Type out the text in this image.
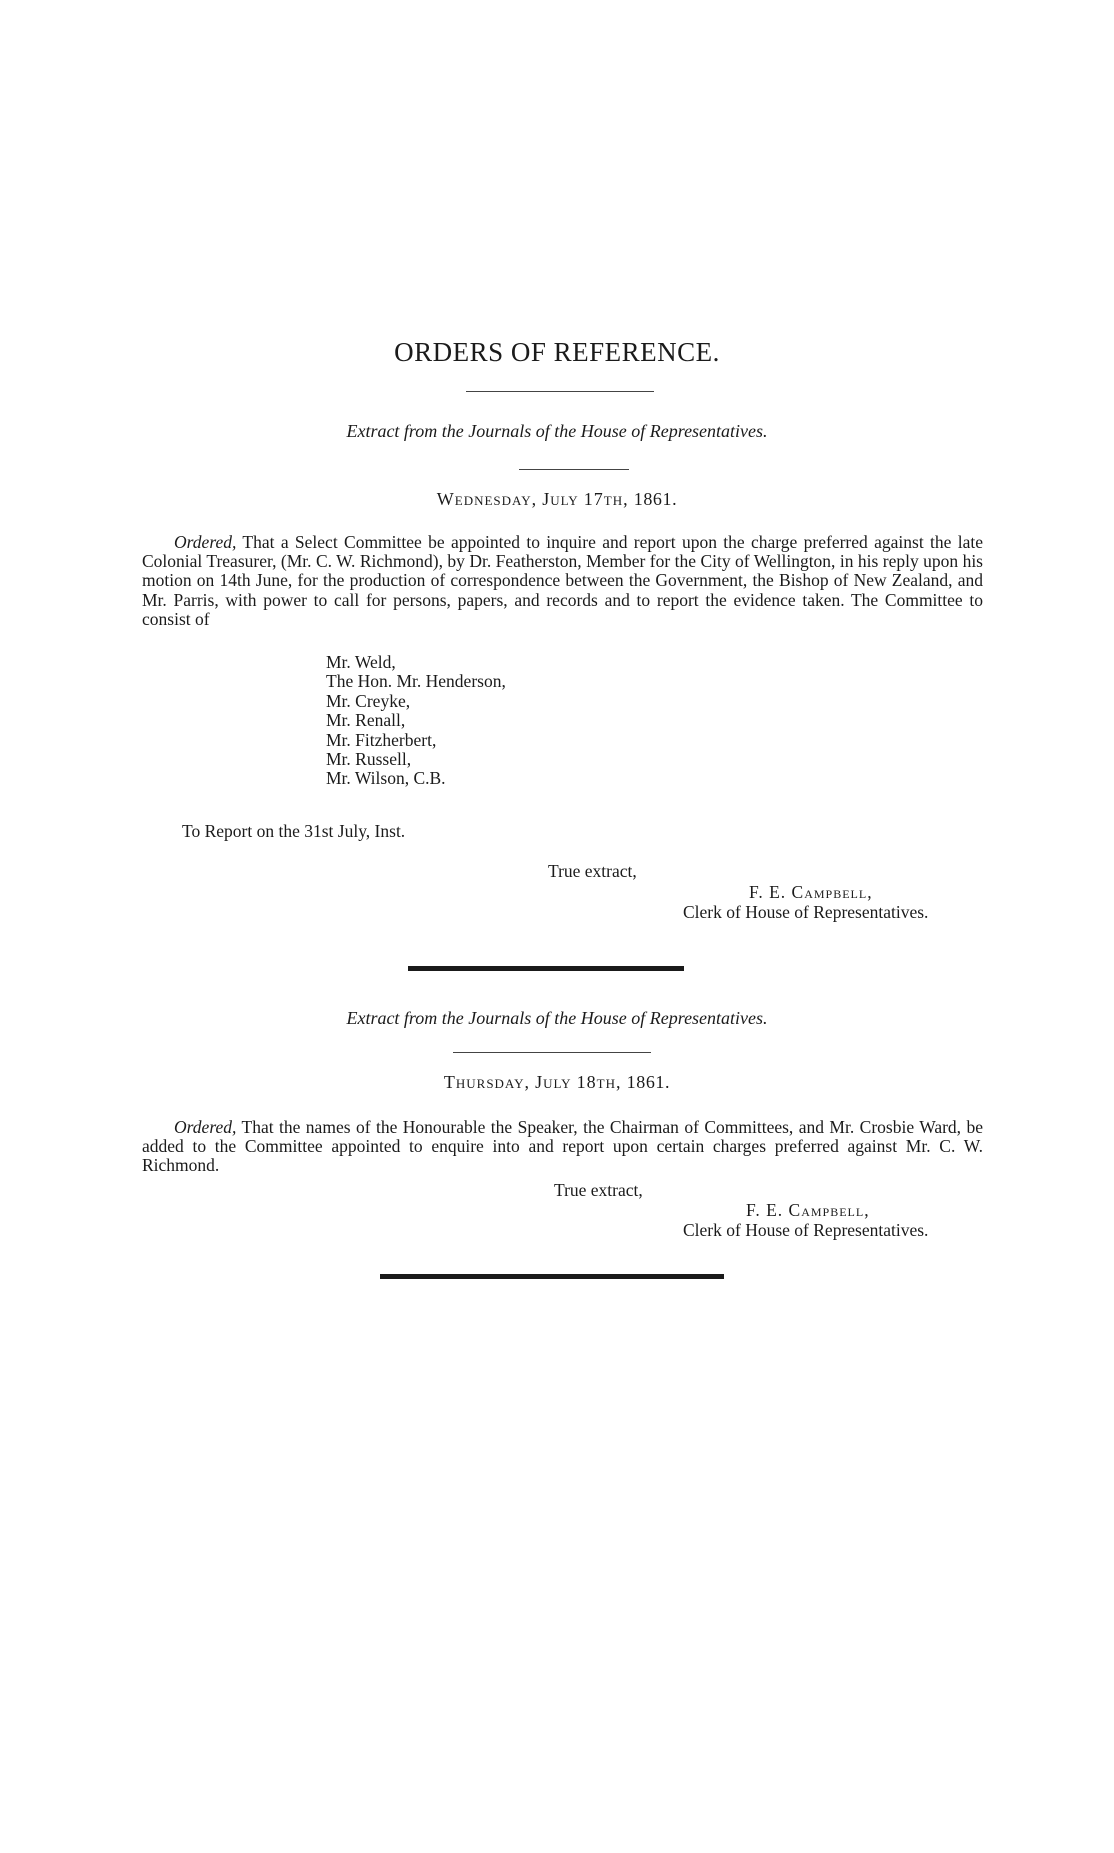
ORDERS OF REFERENCE.
Extract from the Journals of the House of Representatives.
Wednesday, July 17th, 1861.
Ordered, That a Select Committee be appointed to inquire and report upon the charge preferred against the late Colonial Treasurer, (Mr. C. W. Richmond), by Dr. Featherston, Member for the City of Wellington, in his reply upon his motion on 14th June, for the production of correspondence between the Government, the Bishop of New Zealand, and Mr. Parris, with power to call for persons, papers, and records and to report the evidence taken. The Committee to consist of
Mr. Weld,
The Hon. Mr. Henderson,
Mr. Creyke,
Mr. Renall,
Mr. Fitzherbert,
Mr. Russell,
Mr. Wilson, C.B.
To Report on the 31st July, Inst.
True extract,
F. E. Campbell,
Clerk of House of Representatives.
Extract from the Journals of the House of Representatives.
Thursday, July 18th, 1861.
Ordered, That the names of the Honourable the Speaker, the Chairman of Committees, and Mr. Crosbie Ward, be added to the Committee appointed to enquire into and report upon certain charges preferred against Mr. C. W. Richmond.
True extract,
F. E. Campbell,
Clerk of House of Representatives.
